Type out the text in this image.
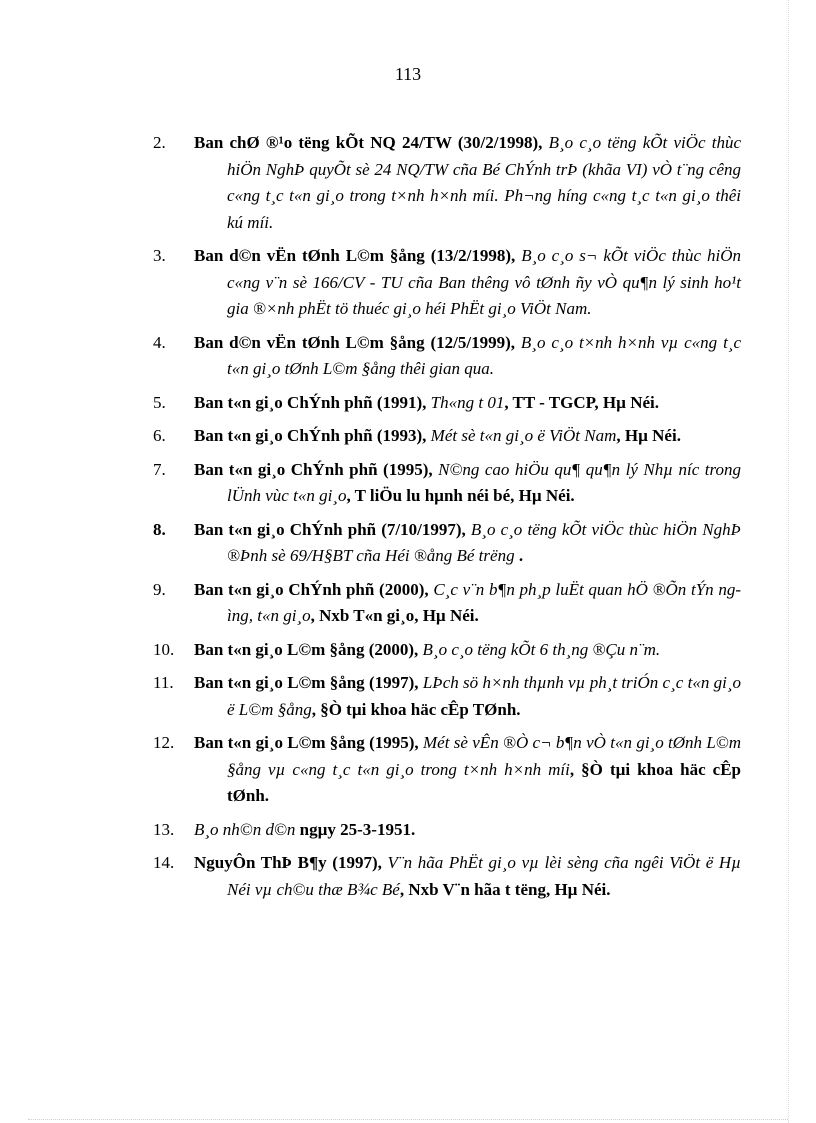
113
2.	Ban chØ ®¹o tëng kÕt NQ 24/TW (30/2/1998), B¸o c¸o tëng kÕt viÖc thùc hiÖn NghÞ quyÕt sè 24 NQ/TW cña Bé ChÝnh trÞ (khãa VI) vÒ t¨ng cêng c«ng t¸c t«n gi¸o trong t×nh h×nh míi. Ph¬ng híng c«ng t¸c t«n gi¸o thêi kú míi.
3.	Ban d©n vËn tØnh L©m §ång (13/2/1998), B¸o c¸o s¬ kÕt viÖc thùc hiÖn c«ng v¨n sè 166/CV - TU cña Ban thêng vô tØnh ñy vÒ qu¶n lý sinh ho¹t gia ®×nh phËt tö thuéc gi¸o héi PhËt gi¸o ViÖt Nam.
4.	Ban d©n vËn tØnh L©m §ång (12/5/1999), B¸o c¸o t×nh h×nh vµ c«ng t¸c t«n gi¸o tØnh L©m §ång thêi gian qua.
5.	Ban t«n gi¸o ChÝnh phñ (1991), Th«ng t 01, TT - TGCP, Hµ Néi.
6.	Ban t«n gi¸o ChÝnh phñ (1993), Mét sè t«n gi¸o ë ViÖt Nam, Hµ Néi.
7.	Ban t«n gi¸o ChÝnh phñ (1995), N©ng cao hiÖu qu¶ qu¶n lý Nhµ níc trong lÜnh vùc t«n gi¸o, T liÖu lu hµnh néi bé, Hµ Néi.
8.	Ban t«n gi¸o ChÝnh phñ (7/10/1997), B¸o c¸o tëng kÕt viÖc thùc hiÖn NghÞ ®Þnh sè 69/H§BT cña Héi ®ång Bé trëng .
9.	Ban t«n gi¸o ChÝnh phñ (2000), C¸c v¨n b¶n ph¸p luËt quan hÖ ®Õn tÝn ngìng, t«n gi¸o, Nxb T«n gi¸o, Hµ Néi.
10.	Ban t«n gi¸o L©m §ång (2000), B¸o c¸o tëng kÕt 6 th¸ng ®Çu n¨m.
11.	Ban t«n gi¸o L©m §ång (1997), LÞch sö h×nh thµnh vµ ph¸t triÓn c¸c t«n gi¸o ë L©m §ång, §Ò tµi khoa häc cÊp TØnh.
12.	Ban t«n gi¸o L©m §ång (1995), Mét sè vÊn ®Ò c¬ b¶n vÒ t«n gi¸o tØnh L©m §ång vµ c«ng t¸c t«n gi¸o trong t×nh h×nh míi, §Ò tµi khoa häc cÊp tØnh.
13.	B¸o nh©n d©n ngµy 25-3-1951.
14.	NguyÔn ThÞ B¶y (1997), V¨n hãa PhËt gi¸o vµ lèi sèng cña ngêi ViÖt ë Hµ Néi vµ ch©u thæ B¾c Bé, Nxb V¨n hãa t tëng, Hµ Néi.
